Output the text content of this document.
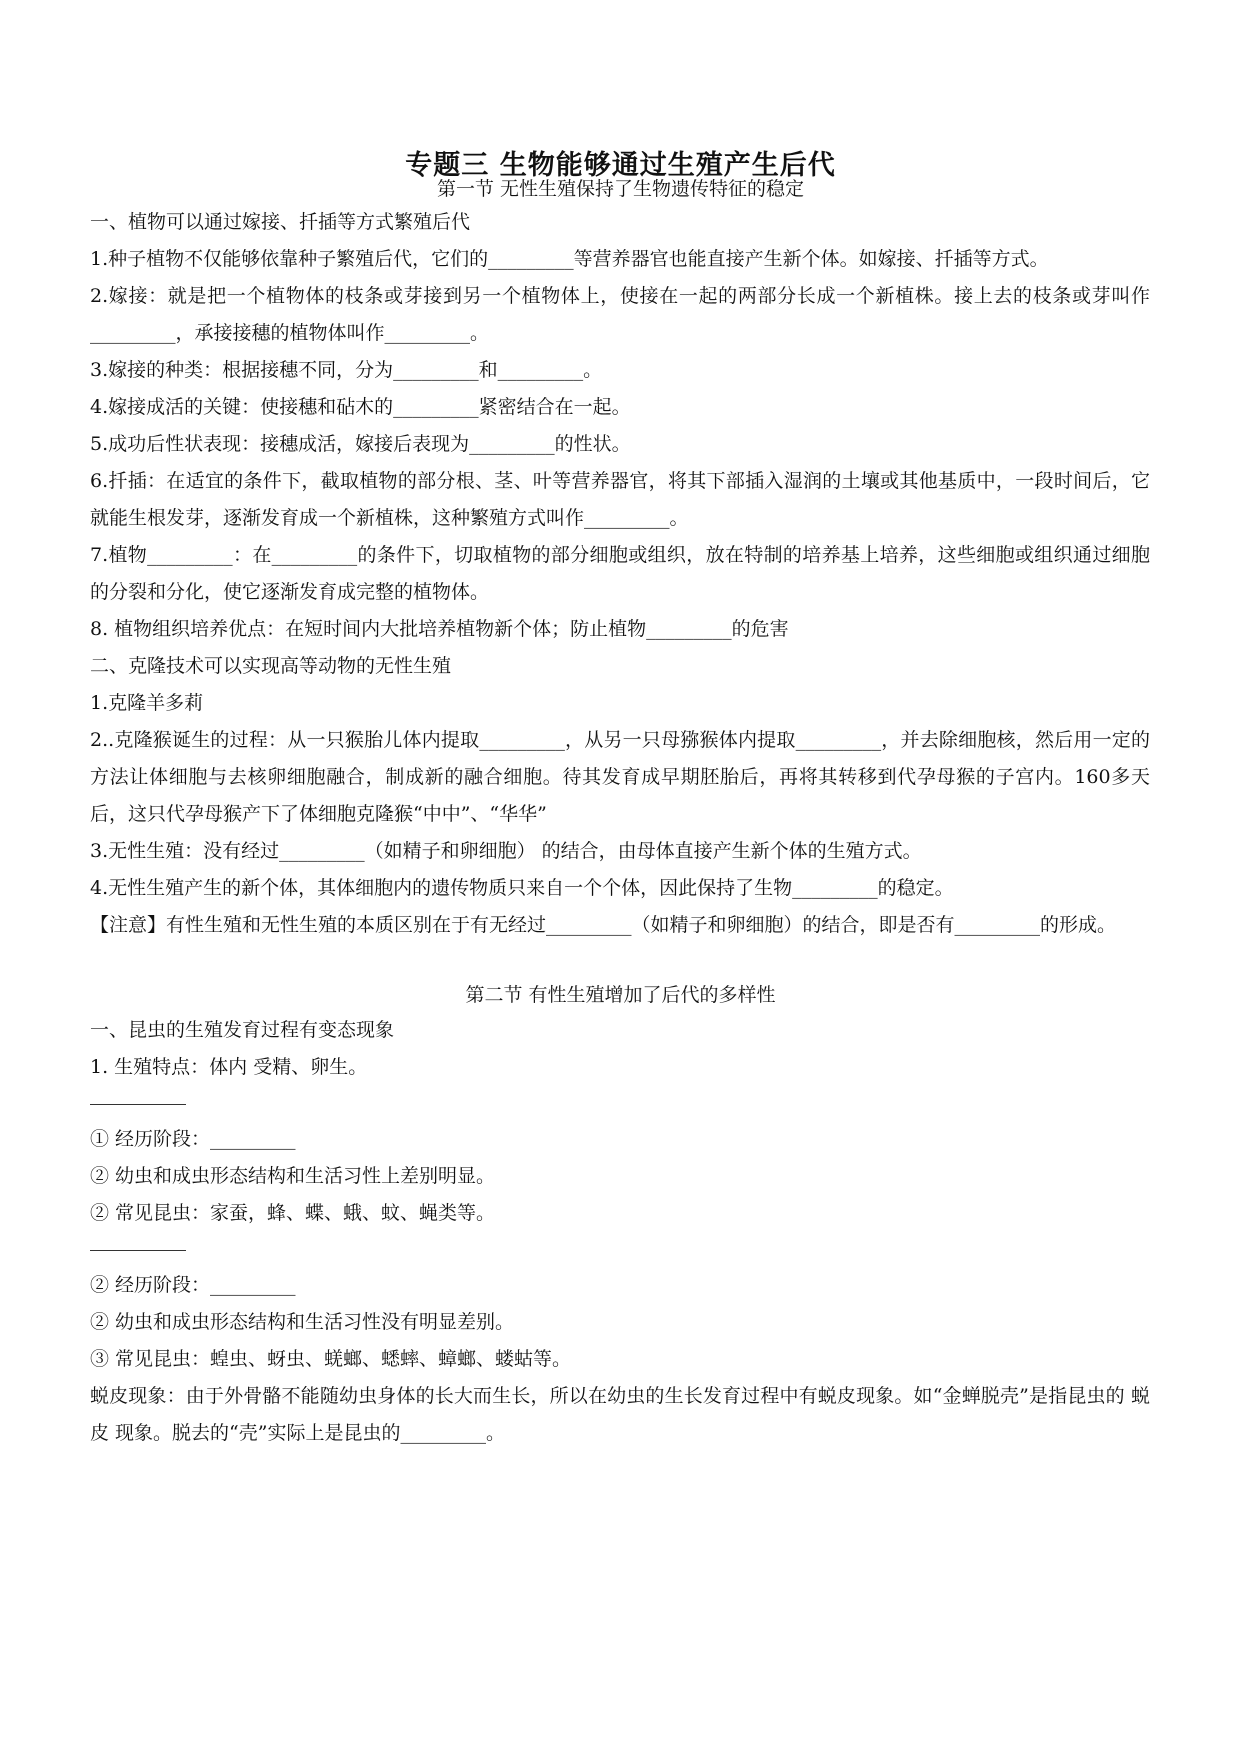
专题三 生物能够通过生殖产生后代
第一节 无性生殖保持了生物遗传特征的稳定

一、植物可以通过嫁接、扦插等方式繁殖后代

1.种子植物不仅能够依靠种子繁殖后代，它们的_________等营养器官也能直接产生新个体。如嫁接、扦插等方式。

2.嫁接：就是把一个植物体的枝条或芽接到另一个植物体上，使接在一起的两部分长成一个新植株。接上去的枝条或芽叫作_________，承接接穗的植物体叫作_________。

3.嫁接的种类：根据接穗不同，分为_________和_________。

4.嫁接成活的关键：使接穗和砧木的_________紧密结合在一起。

5.成功后性状表现：接穗成活，嫁接后表现为_________的性状。

6.扦插：在适宜的条件下，截取植物的部分根、茎、叶等营养器官，将其下部插入湿润的土壤或其他基质中，一段时间后，它就能生根发芽，逐渐发育成一个新植株，这种繁殖方式叫作_________。

7.植物_________：在_________的条件下，切取植物的部分细胞或组织，放在特制的培养基上培养，这些细胞或组织通过细胞的分裂和分化，使它逐渐发育成完整的植物体。

8. 植物组织培养优点：在短时间内大批培养植物新个体；防止植物_________的危害

二、克隆技术可以实现高等动物的无性生殖

1.克隆羊多莉

2..克隆猴诞生的过程：从一只猴胎儿体内提取_________，从另一只母猕猴体内提取_________，并去除细胞核，然后用一定的方法让体细胞与去核卵细胞融合，制成新的融合细胞。待其发育成早期胚胎后，再将其转移到代孕母猴的子宫内。160多天后，这只代孕母猴产下了体细胞克隆猴“中中”、“华华”

3.无性生殖：没有经过_________（如精子和卵细胞） 的结合，由母体直接产生新个体的生殖方式。

4.无性生殖产生的新个体，其体细胞内的遗传物质只来自一个个体，因此保持了生物_________的稳定。

【注意】有性生殖和无性生殖的本质区别在于有无经过_________（如精子和卵细胞）的结合，即是否有_________的形成。

第二节 有性生殖增加了后代的多样性

一、昆虫的生殖发育过程有变态现象

1. 生殖特点：体内 受精、卵生。

① 经历阶段：_________

② 幼虫和成虫形态结构和生活习性上差别明显。

② 常见昆虫：家蚕，蜂、蝶、蛾、蚊、蝇类等。

② 经历阶段：_________

② 幼虫和成虫形态结构和生活习性没有明显差别。

③ 常见昆虫：蝗虫、蚜虫、蜣螂、蟋蟀、蟑螂、蝼蛄等。

蜕皮现象：由于外骨骼不能随幼虫身体的长大而生长，所以在幼虫的生长发育过程中有蜕皮现象。如“金蝉脱壳”是指昆虫的 蜕皮 现象。脱去的“壳”实际上是昆虫的_________。
